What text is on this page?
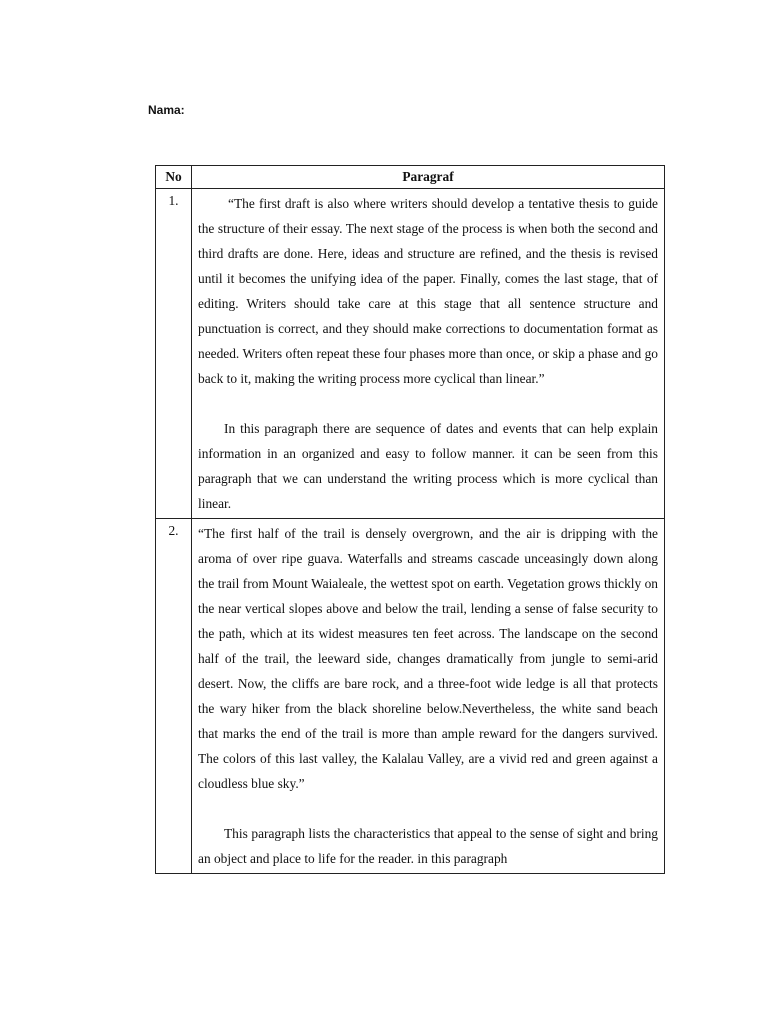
Nama:
No	Paragraf
1.	“The first draft is also where writers should develop a tentative thesis to guide the structure of their essay. The next stage of the process is when both the second and third drafts are done. Here, ideas and structure are refined, and the thesis is revised until it becomes the unifying idea of the paper. Finally, comes the last stage, that of editing. Writers should take care at this stage that all sentence structure and punctuation is correct, and they should make corrections to documentation format as needed. Writers often repeat these four phases more than once, or skip a phase and go back to it, making the writing process more cyclical than linear.”

In this paragraph there are sequence of dates and events that can help explain information in an organized and easy to follow manner. it can be seen from this paragraph that we can understand the writing process which is more cyclical than linear.

2.	“The first half of the trail is densely overgrown, and the air is dripping with the aroma of over ripe guava. Waterfalls and streams cascade unceasingly down along the trail from Mount Waialeale, the wettest spot on earth. Vegetation grows thickly on the near vertical slopes above and below the trail, lending a sense of false security to the path, which at its widest measures ten feet across. The landscape on the second half of the trail, the leeward side, changes dramatically from jungle to semi-arid desert. Now, the cliffs are bare rock, and a three-foot wide ledge is all that protects the wary hiker from the black shoreline below.Nevertheless, the white sand beach that marks the end of the trail is more than ample reward for the dangers survived. The colors of this last valley, the Kalalau Valley, are a vivid red and green against a cloudless blue sky.”

This paragraph lists the characteristics that appeal to the sense of sight and bring an object and place to life for the reader. in this paragraph
